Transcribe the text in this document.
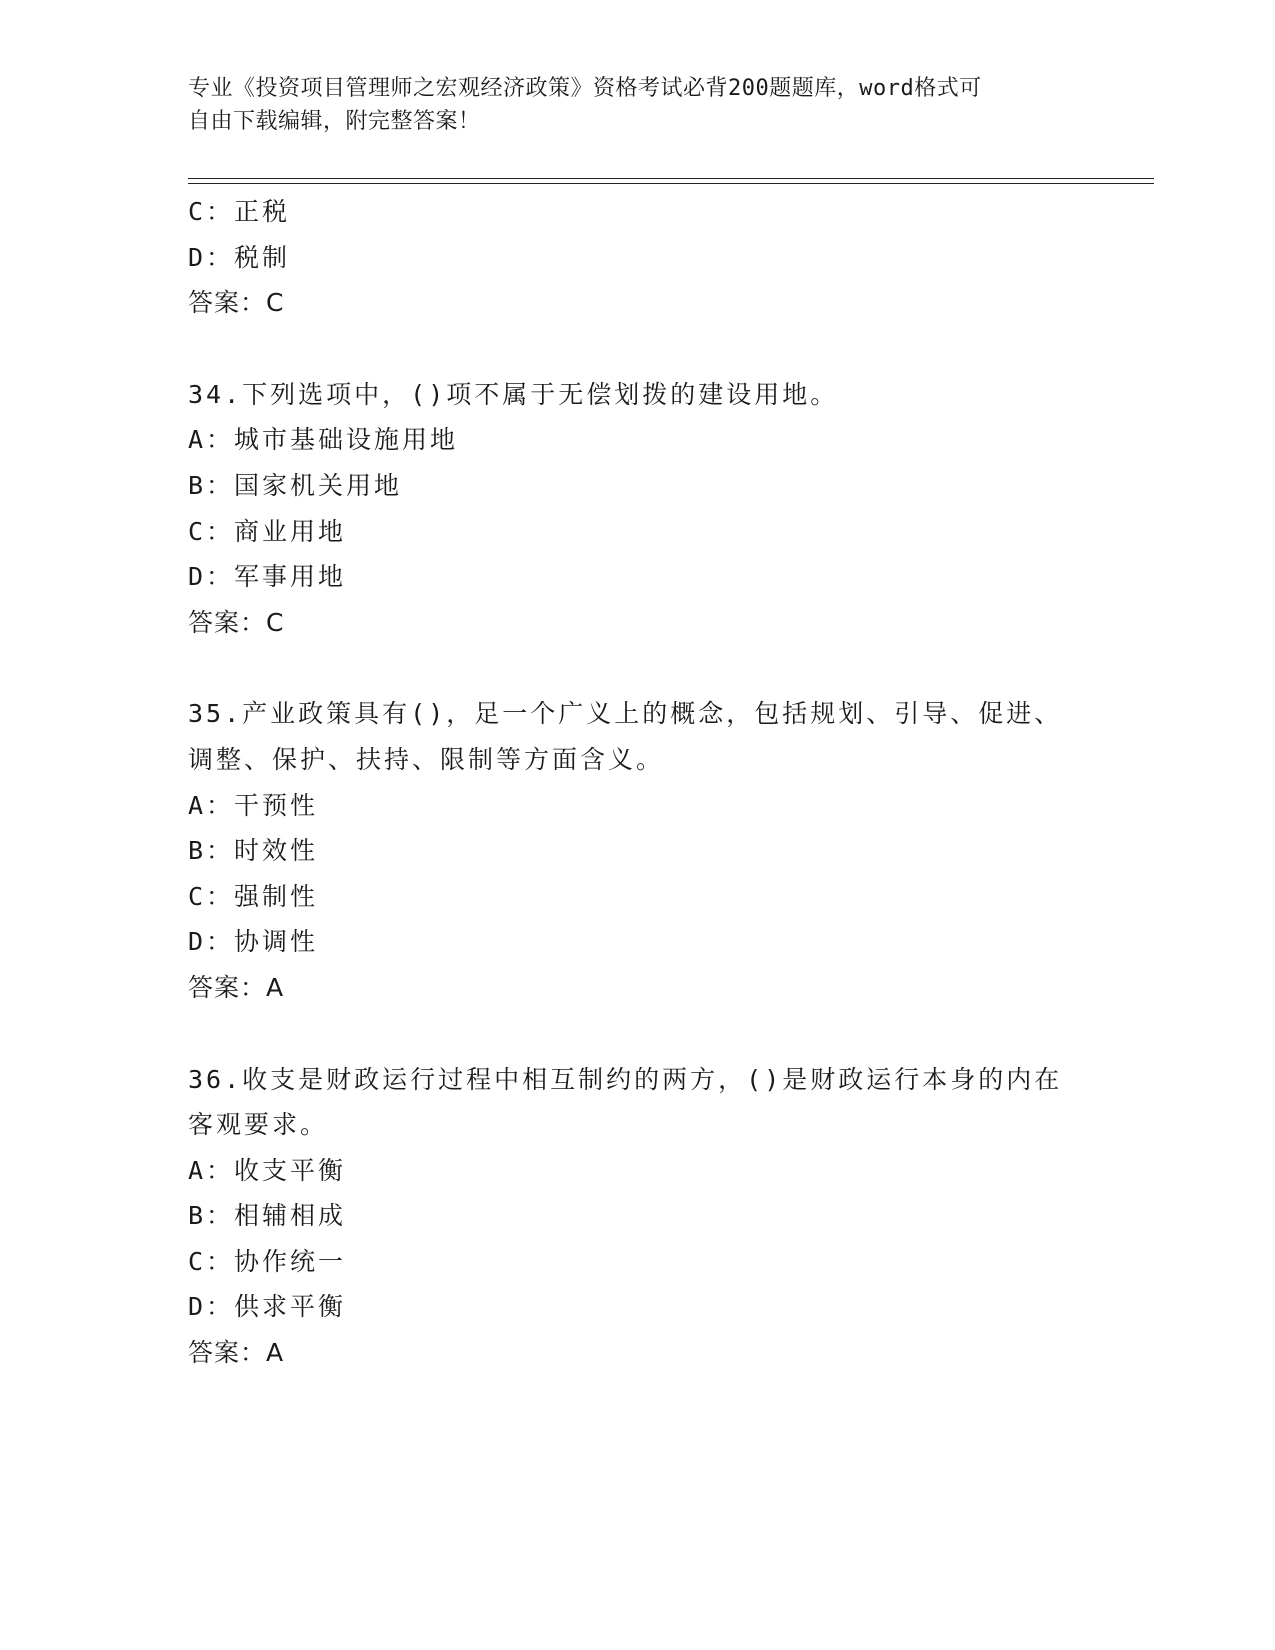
专业《投资项目管理师之宏观经济政策》资格考试必背200题题库，word格式可
自由下载编辑，附完整答案！
C：正税
D：税制
答案：C
34.下列选项中，()项不属于无偿划拨的建设用地。
A：城市基础设施用地
B：国家机关用地
C：商业用地
D：军事用地
答案：C
35.产业政策具有()，足一个广义上的概念，包括规划、引导、促进、
调整、保护、扶持、限制等方面含义。
A：干预性
B：时效性
C：强制性
D：协调性
答案：A
36.收支是财政运行过程中相互制约的两方，()是财政运行本身的内在
客观要求。
A：收支平衡
B：相辅相成
C：协作统一
D：供求平衡
答案：A
